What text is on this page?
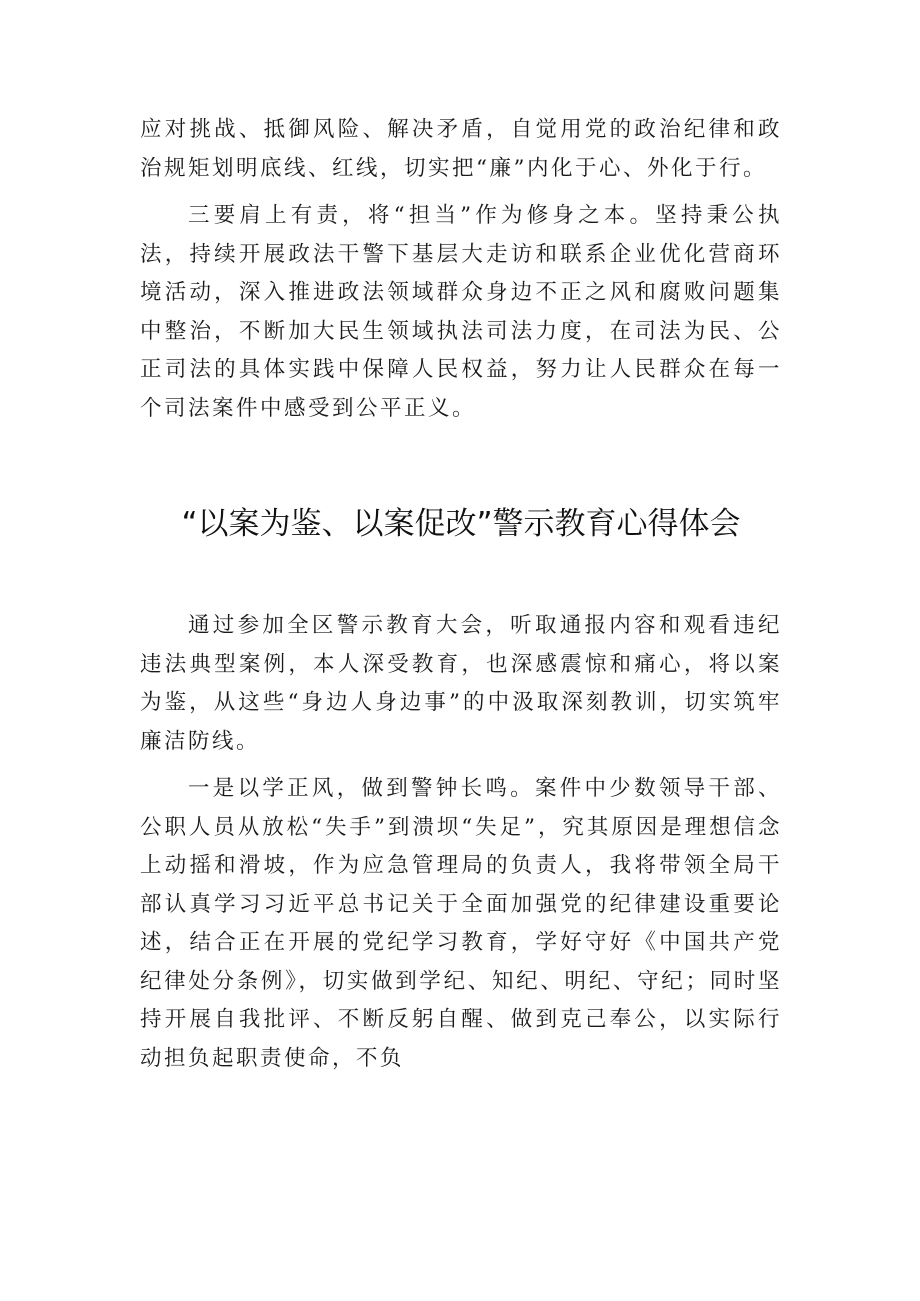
应对挑战、抵御风险、解决矛盾，自觉用党的政治纪律和政治规矩划明底线、红线，切实把“廉”内化于心、外化于行。

三要肩上有责，将“担当”作为修身之本。坚持秉公执法，持续开展政法干警下基层大走访和联系企业优化营商环境活动，深入推进政法领域群众身边不正之风和腐败问题集中整治，不断加大民生领域执法司法力度，在司法为民、公正司法的具体实践中保障人民权益，努力让人民群众在每一个司法案件中感受到公平正义。

“以案为鉴、以案促改”警示教育心得体会

通过参加全区警示教育大会，听取通报内容和观看违纪违法典型案例，本人深受教育，也深感震惊和痛心，将以案为鉴，从这些“身边人身边事”的中汲取深刻教训，切实筑牢廉洁防线。

一是以学正风，做到警钟长鸣。案件中少数领导干部、公职人员从放松“失手”到溃坝“失足”，究其原因是理想信念上动摇和滑坡，作为应急管理局的负责人，我将带领全局干部认真学习习近平总书记关于全面加强党的纪律建设重要论述，结合正在开展的党纪学习教育，学好守好《中国共产党纪律处分条例》，切实做到学纪、知纪、明纪、守纪；同时坚持开展自我批评、不断反躬自醒、做到克己奉公，以实际行动担负起职责使命，不负
